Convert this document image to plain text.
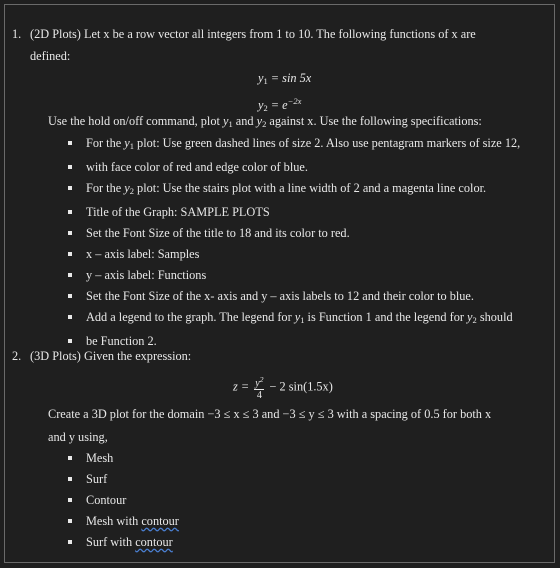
1. (2D Plots) Let x be a row vector all integers from 1 to 10. The following functions of x are

defined:

$y_1 = \sin 5x$
$y_2 = e^{-2x}$

Use the hold on/off command, plot $y_1$ and $y_2$ against x. Use the following specifications:

For the $y_1$ plot: Use green dashed lines of size 2. Also use pentagram markers of size 12,
with face color of red and edge color of blue.
For the $y_2$ plot: Use the stairs plot with a line width of 2 and a magenta line color.
Title of the Graph: SAMPLE PLOTS
Set the Font Size of the title to 18 and its color to red.
x – axis label: Samples
y – axis label: Functions
Set the Font Size of the x- axis and y – axis labels to 12 and their color to blue.
Add a legend to the graph. The legend for $y_1$ is Function 1 and the legend for $y_2$ should
be Function 2.
2. (3D Plots) Given the expression:

$z = \frac{y^2}{4} - 2$ sin(1.5x)

Create a 3D plot for the domain −3 ≤ x ≤ 3 and −3 ≤ y ≤ 3 with a spacing of 0.5 for both x

and y using,

Mesh
Surf
Contour
Mesh with contour
Surf with contour
